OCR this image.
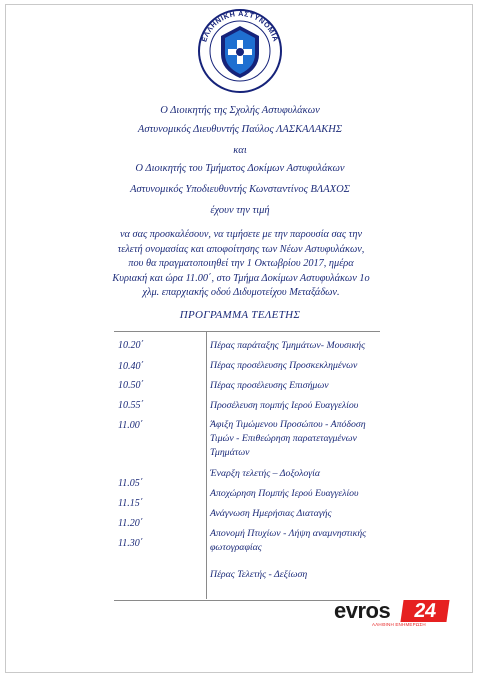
ΕΛΛΗΝΙΚΗ ΑΣΤΥΝΟΜΙΑ
Ο Διοικητής της Σχολής Αστυφυλάκων
Αστυνομικός Διευθυντής Παύλος ΛΑΣΚΑΛΑΚΗΣ
και
Ο Διοικητής του Τμήματος Δοκίμων Αστυφυλάκων
Αστυνομικός Υποδιευθυντής Κωνσταντίνος ΒΛΑΧΟΣ
έχουν την τιμή
να σας προσκαλέσουν, να τιμήσετε με την παρουσία σας την τελετή ονομασίας και αποφοίτησης των Νέων Αστυφυλάκων, που θα πραγματοποιηθεί την 1 Οκτωβρίου 2017, ημέρα Κυριακή και ώρα 11.00΄, στο Τμήμα Δοκίμων Αστυφυλάκων 1ο χλμ. επαρχιακής οδού Διδυμοτείχου Μεταξάδων.
ΠΡΟΓΡΑΜΜΑ ΤΕΛΕΤΗΣ
10.20΄
10.40΄
10.50΄
10.55΄
11.00΄
11.05΄
11.15΄
11.20΄
11.30΄
Πέρας παράταξης Τμημάτων- Μουσικής
Πέρας προσέλευσης Προσκεκλημένων
Πέρας προσέλευσης Επισήμων
Προσέλευση πομπής Ιερού Ευαγγελίου
Άφιξη Τιμώμενου Προσώπου - Απόδοση Τιμών - Επιθεώρηση παρατεταγμένων Τμημάτων
Έναρξη τελετής – Δοξολογία
Αποχώρηση Πομπής Ιερού Ευαγγελίου
Ανάγνωση Ημερήσιας Διαταγής
Απονομή Πτυχίων - Λήψη αναμνηστικής φωτογραφίας
Πέρας Τελετής - Δεξίωση
evros	24
ΑΛΗΘΙΝΗ ΕΝΗΜΕΡΩΣΗ
